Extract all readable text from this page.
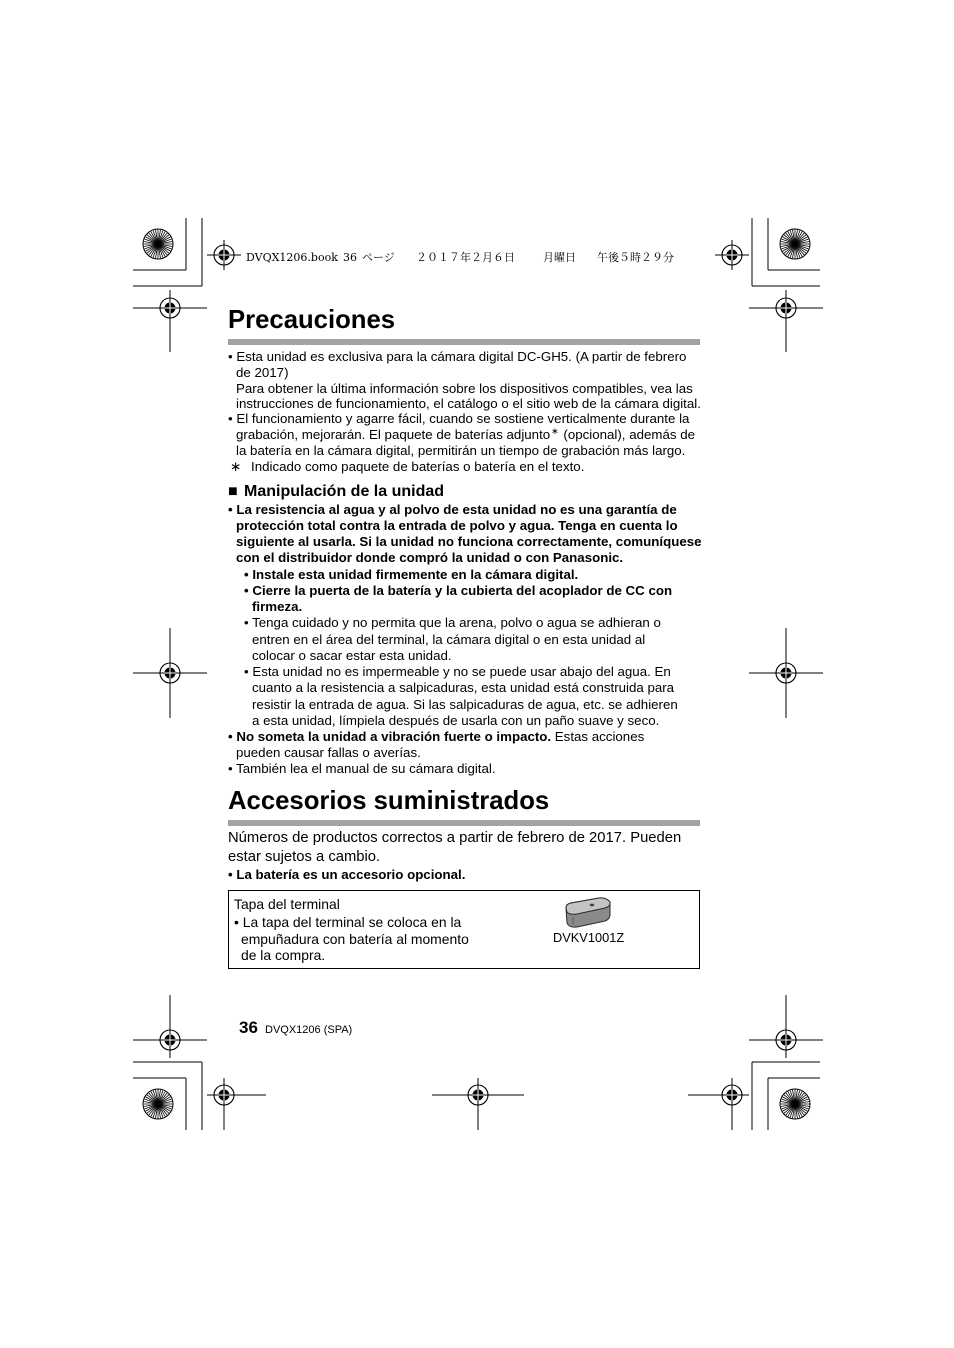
DVQX1206.book 36 ページ ２０１７年２月６日	月曜日 午後５時２９分
Precauciones
• Esta unidad es exclusiva para la cámara digital DC-GH5. (A partir de febrero
de 2017)
Para obtener la última información sobre los dispositivos compatibles, vea las
instrucciones de funcionamiento, el catálogo o el sitio web de la cámara digital.
• El funcionamiento y agarre fácil, cuando se sostiene verticalmente durante la
grabación, mejorarán. El paquete de baterías adjunto∗ (opcional), además de
la batería en la cámara digital, permitirán un tiempo de grabación más largo.
∗ Indicado como paquete de baterías o batería en el texto.
■ Manipulación de la unidad
• La resistencia al agua y al polvo de esta unidad no es una garantía de
protección total contra la entrada de polvo y agua. Tenga en cuenta lo
siguiente al usarla. Si la unidad no funciona correctamente, comuníquese
con el distribuidor donde compró la unidad o con Panasonic.
• Instale esta unidad firmemente en la cámara digital.
• Cierre la puerta de la batería y la cubierta del acoplador de CC con
firmeza.
• Tenga cuidado y no permita que la arena, polvo o agua se adhieran o
entren en el área del terminal, la cámara digital o en esta unidad al
colocar o sacar estar esta unidad.
• Esta unidad no es impermeable y no se puede usar abajo del agua. En
cuanto a la resistencia a salpicaduras, esta unidad está construida para
resistir la entrada de agua. Si las salpicaduras de agua, etc. se adhieren
a esta unidad, límpiela después de usarla con un paño suave y seco.
• No someta la unidad a vibración fuerte o impacto. Estas acciones
pueden causar fallas o averías.
• También lea el manual de su cámara digital.
Accesorios suministrados
Números de productos correctos a partir de febrero de 2017. Pueden
estar sujetos a cambio.
• La batería es un accesorio opcional.
Tapa del terminal
• La tapa del terminal se coloca en la
empuñadura con batería al momento
de la compra.
DVKV1001Z
36 DVQX1206 (SPA)
